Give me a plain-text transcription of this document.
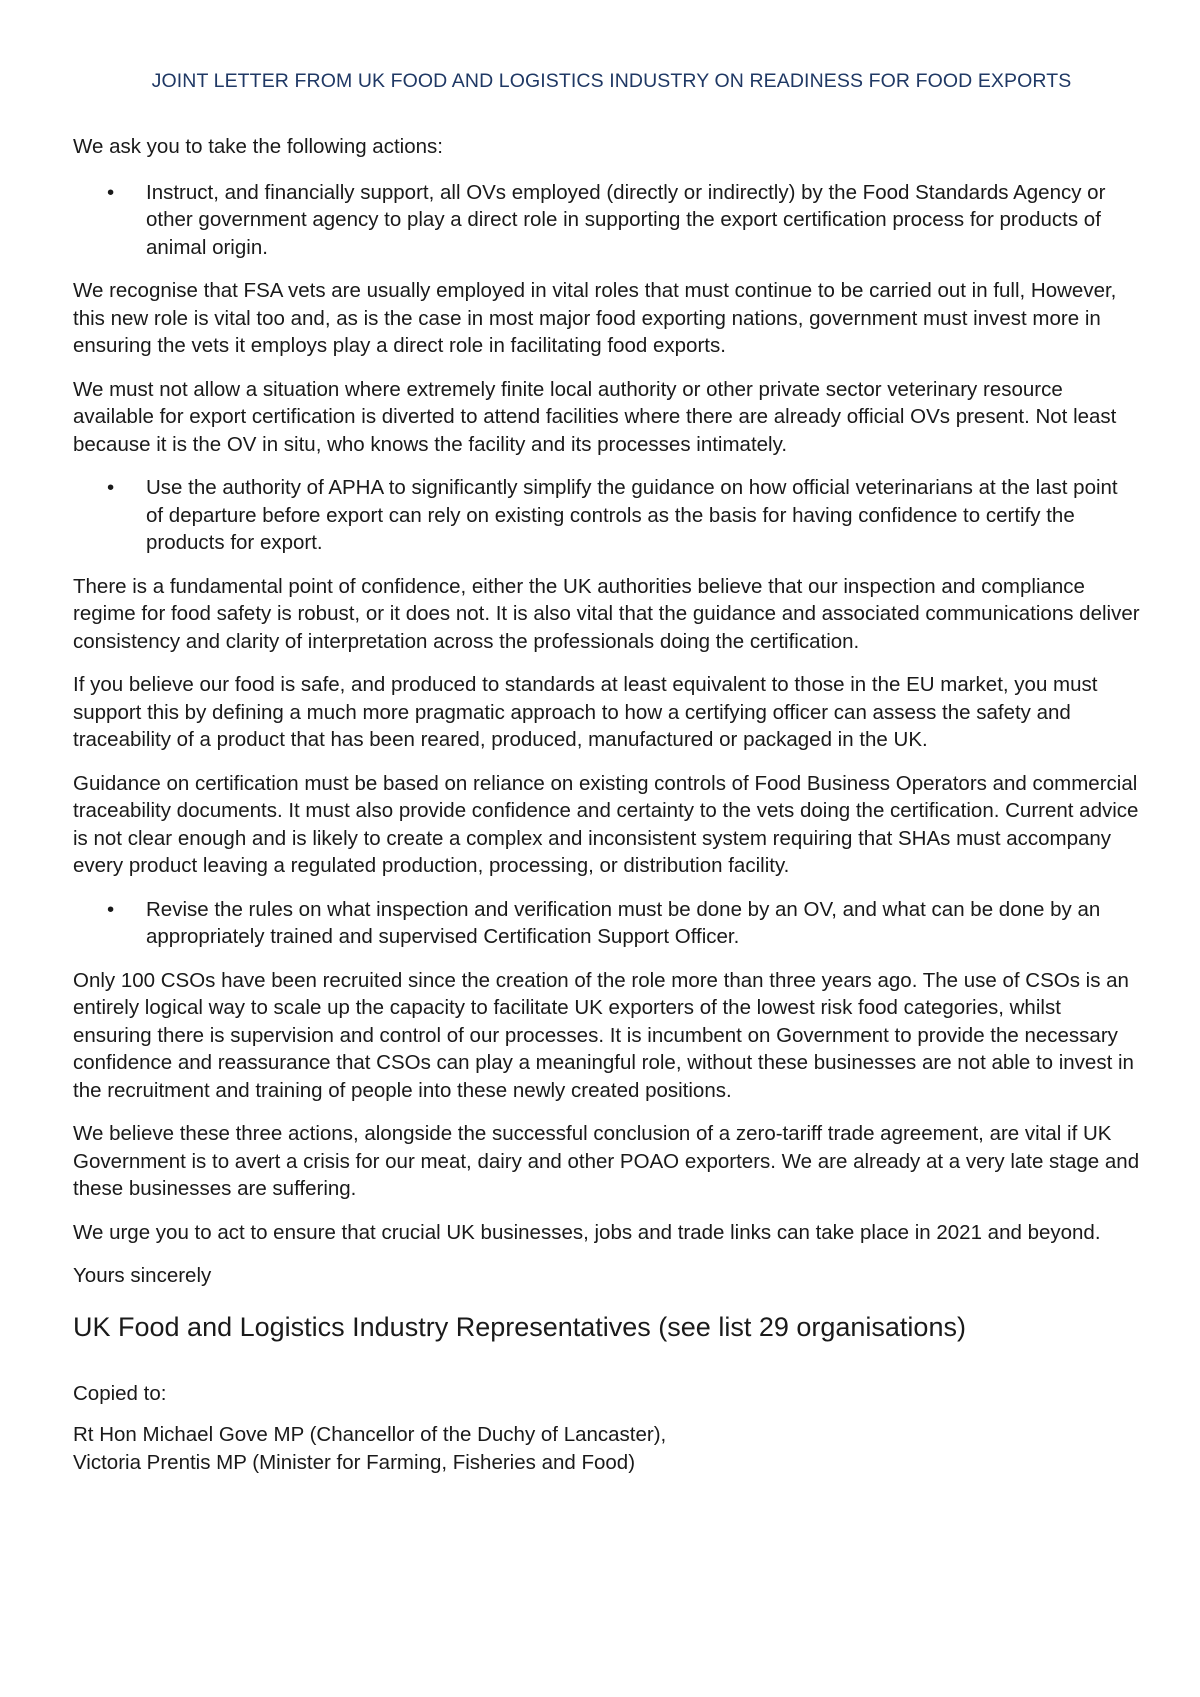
JOINT LETTER FROM UK FOOD AND LOGISTICS INDUSTRY ON READINESS FOR FOOD EXPORTS

We ask you to take the following actions:

•	Instruct, and financially support, all OVs employed (directly or indirectly) by the Food Standards Agency or other government agency to play a direct role in supporting the export certification process for products of animal origin.

We recognise that FSA vets are usually employed in vital roles that must continue to be carried out in full, However, this new role is vital too and, as is the case in most major food exporting nations, government must invest more in ensuring the vets it employs play a direct role in facilitating food exports.

We must not allow a situation where extremely finite local authority or other private sector veterinary resource available for export certification is diverted to attend facilities where there are already official OVs present. Not least because it is the OV in situ, who knows the facility and its processes intimately.

•	Use the authority of APHA to significantly simplify the guidance on how official veterinarians at the last point of departure before export can rely on existing controls as the basis for having confidence to certify the products for export.

There is a fundamental point of confidence, either the UK authorities believe that our inspection and compliance regime for food safety is robust, or it does not. It is also vital that the guidance and associated communications deliver consistency and clarity of interpretation across the professionals doing the certification.

If you believe our food is safe, and produced to standards at least equivalent to those in the EU market, you must support this by defining a much more pragmatic approach to how a certifying officer can assess the safety and traceability of a product that has been reared, produced, manufactured or packaged in the UK.

Guidance on certification must be based on reliance on existing controls of Food Business Operators and commercial traceability documents. It must also provide confidence and certainty to the vets doing the certification. Current advice is not clear enough and is likely to create a complex and inconsistent system requiring that SHAs must accompany every product leaving a regulated production, processing, or distribution facility.

•	Revise the rules on what inspection and verification must be done by an OV, and what can be done by an appropriately trained and supervised Certification Support Officer.

Only 100 CSOs have been recruited since the creation of the role more than three years ago. The use of CSOs is an entirely logical way to scale up the capacity to facilitate UK exporters of the lowest risk food categories, whilst ensuring there is supervision and control of our processes. It is incumbent on Government to provide the necessary confidence and reassurance that CSOs can play a meaningful role, without these businesses are not able to invest in the recruitment and training of people into these newly created positions.

We believe these three actions, alongside the successful conclusion of a zero-tariff trade agreement, are vital if UK Government is to avert a crisis for our meat, dairy and other POAO exporters. We are already at a very late stage and these businesses are suffering.

We urge you to act to ensure that crucial UK businesses, jobs and trade links can take place in 2021 and beyond.

Yours sincerely

UK Food and Logistics Industry Representatives (see list 29 organisations)

Copied to:

Rt Hon Michael Gove MP (Chancellor of the Duchy of Lancaster),

Victoria Prentis MP (Minister for Farming, Fisheries and Food)
